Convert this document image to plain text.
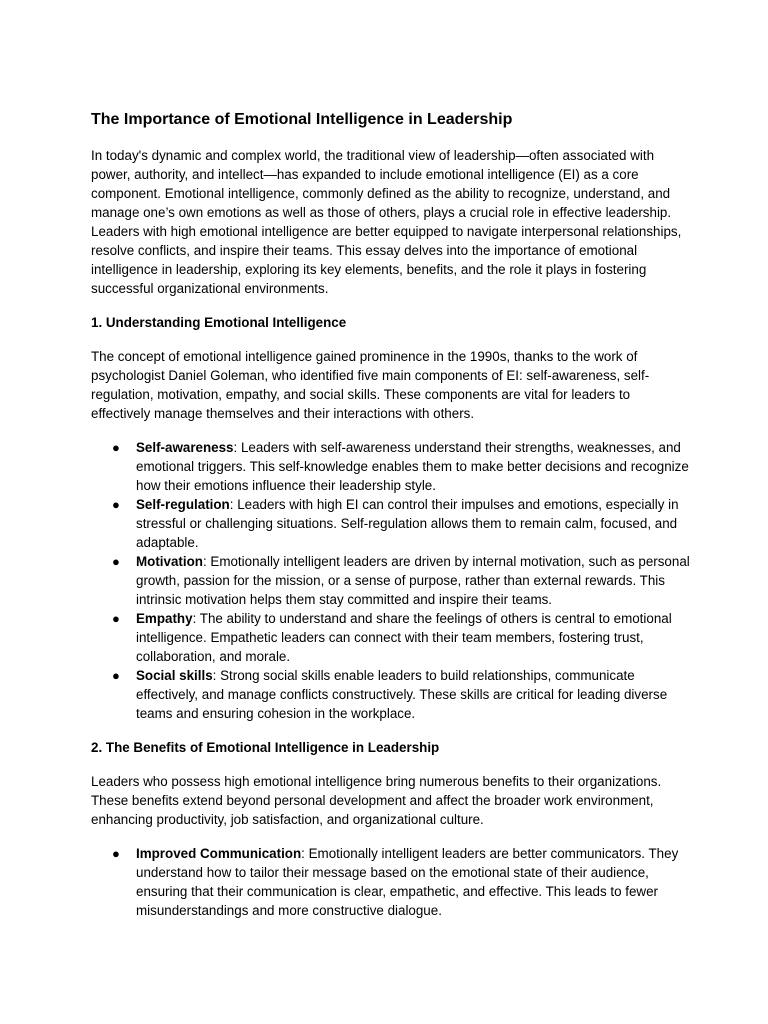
The Importance of Emotional Intelligence in Leadership

In today's dynamic and complex world, the traditional view of leadership—often associated with power, authority, and intellect—has expanded to include emotional intelligence (EI) as a core component. Emotional intelligence, commonly defined as the ability to recognize, understand, and manage one’s own emotions as well as those of others, plays a crucial role in effective leadership. Leaders with high emotional intelligence are better equipped to navigate interpersonal relationships, resolve conflicts, and inspire their teams. This essay delves into the importance of emotional intelligence in leadership, exploring its key elements, benefits, and the role it plays in fostering successful organizational environments.

1. Understanding Emotional Intelligence

The concept of emotional intelligence gained prominence in the 1990s, thanks to the work of psychologist Daniel Goleman, who identified five main components of EI: self-awareness, self-regulation, motivation, empathy, and social skills. These components are vital for leaders to effectively manage themselves and their interactions with others.

● Self-awareness: Leaders with self-awareness understand their strengths, weaknesses, and emotional triggers. This self-knowledge enables them to make better decisions and recognize how their emotions influence their leadership style.
● Self-regulation: Leaders with high EI can control their impulses and emotions, especially in stressful or challenging situations. Self-regulation allows them to remain calm, focused, and adaptable.
● Motivation: Emotionally intelligent leaders are driven by internal motivation, such as personal growth, passion for the mission, or a sense of purpose, rather than external rewards. This intrinsic motivation helps them stay committed and inspire their teams.
● Empathy: The ability to understand and share the feelings of others is central to emotional intelligence. Empathetic leaders can connect with their team members, fostering trust, collaboration, and morale.
● Social skills: Strong social skills enable leaders to build relationships, communicate effectively, and manage conflicts constructively. These skills are critical for leading diverse teams and ensuring cohesion in the workplace.
2. The Benefits of Emotional Intelligence in Leadership

Leaders who possess high emotional intelligence bring numerous benefits to their organizations. These benefits extend beyond personal development and affect the broader work environment, enhancing productivity, job satisfaction, and organizational culture.

● Improved Communication: Emotionally intelligent leaders are better communicators. They understand how to tailor their message based on the emotional state of their audience, ensuring that their communication is clear, empathetic, and effective. This leads to fewer misunderstandings and more constructive dialogue.
